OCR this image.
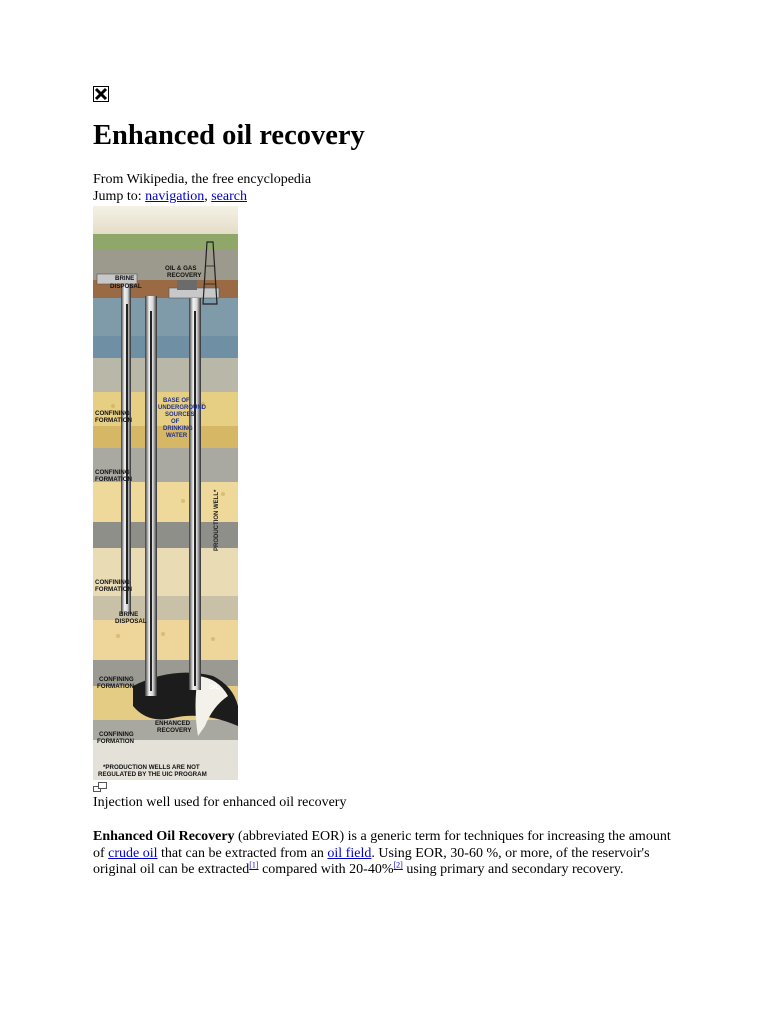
Enhanced oil recovery
From Wikipedia, the free encyclopedia
Jump to: navigation, search
BRINE
DISPOSAL
OIL & GAS
RECOVERY
BASE OF
UNDERGROUND
SOURCES
OF
DRINKING
WATER
CONFINING
FORMATION
CONFINING
FORMATION
CONFINING
FORMATION
CONFINING
FORMATION
CONFINING
FORMATION
PRODUCTION WELL*
BRINE
DISPOSAL
OIL
ENHANCED
RECOVERY
*PRODUCTION WELLS ARE NOT
REGULATED BY THE UIC PROGRAM
Injection well used for enhanced oil recovery

Enhanced Oil Recovery (abbreviated EOR) is a generic term for techniques for increasing the amount of crude oil that can be extracted from an oil field. Using EOR, 30-60 %, or more, of the reservoir's original oil can be extracted[1] compared with 20-40%[2] using primary and secondary recovery.
